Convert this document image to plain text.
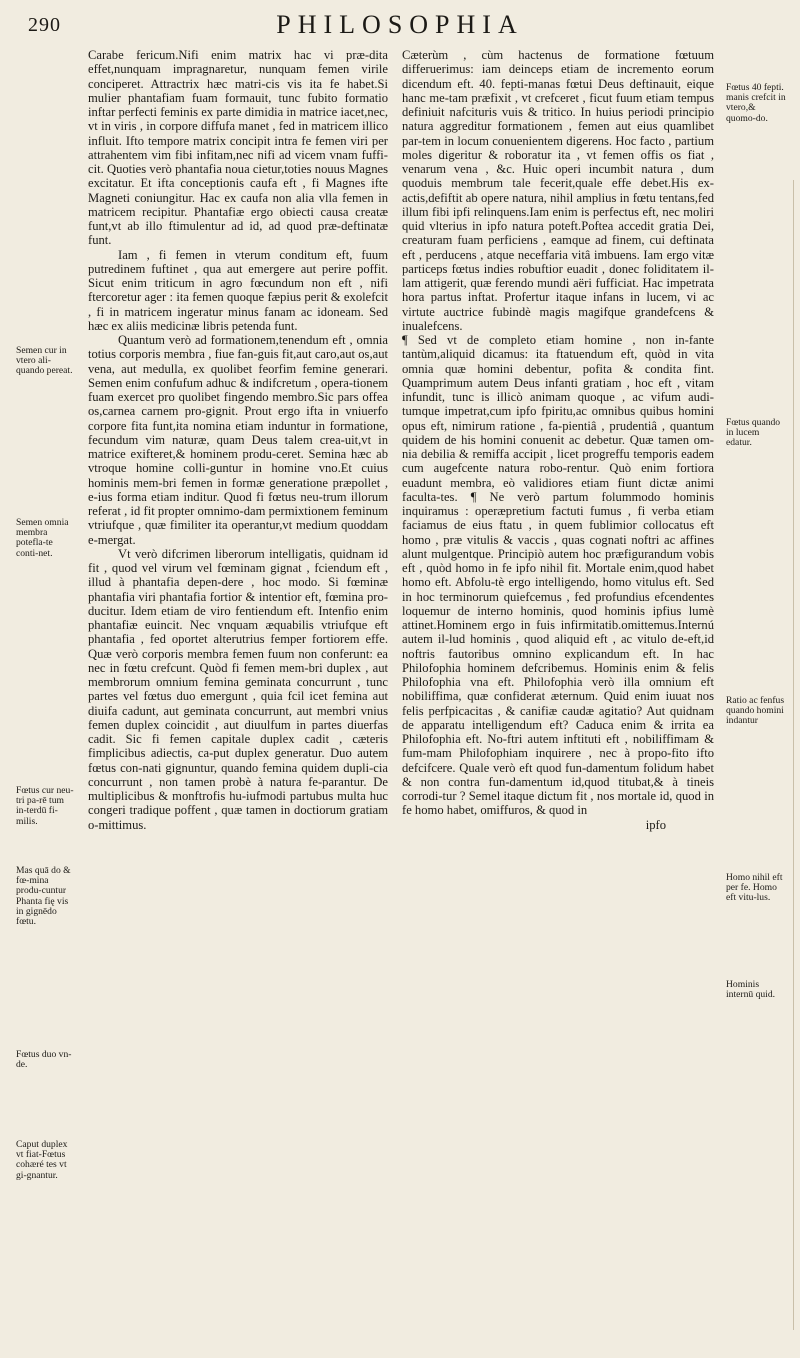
290	PHILOSOPHIA

Carabe fericum.Nifi enim matrix hac vi præ-dita effet,nunquam impragnaretur, nunquam femen virile conciperet. Attractrix hæc matri-cis vis ita fe habet.Si mulier phantafiam fuam formauit, tunc fubito formatio inftar perfecti feminis ex parte dimidia in matrice iacet,nec, vt in viris , in corpore diffufa manet , fed in matricem illico influit. Ifto tempore matrix concipit intra fe femen viri per attrahentem vim fibi infitam,nec nifi ad vicem vnam fuffi-cit. Quoties verò phantafia noua cietur,toties nouus Magnes excitatur. Et ifta conceptionis caufa eft , fi Magnes ifte Magneti coniungitur. Hac ex caufa non alia vlla femen in matricem recipitur. Phantafiæ ergo obiecti causa creatæ funt,vt ab illo ftimulentur ad id, ad quod præ-deftinatæ funt.

Iam , fi femen in vterum conditum eft, fuum putredinem fuftinet , qua aut emergere aut perire poffit. Sicut enim triticum in agro fœcundum non eft , nifi ftercoretur ager : ita femen quoque fæpius perit & exolefcit , fi in matricem ingeratur minus fanam ac idoneam. Sed hæc ex aliis medicinæ libris petenda funt.

Quantum verò ad formationem,tenendum eft , omnia totius corporis membra , fiue fan-guis fit,aut caro,aut os,aut vena, aut medulla, ex quolibet feorfim femine generari. Semen enim confufum adhuc & indifcretum , opera-tionem fuam exercet pro quolibet fingendo membro.Sic pars offea os,carnea carnem pro-gignit. Prout ergo ifta in vniuerfo corpore fita funt,ita nomina etiam induntur in formatione, fecundum vim naturæ, quam Deus talem crea-uit,vt in matrice exifteret,& hominem produ-ceret. Semina hæc ab vtroque homine colli-guntur in homine vno.Et cuius hominis mem-bri femen in formæ generatione præpollet , e-ius forma etiam inditur. Quod fi fœtus neu-trum illorum referat , id fit propter omnimo-dam permixtionem feminum vtriufque , quæ fimiliter ita operantur,vt medium quoddam e-mergat.

Vt verò difcrimen liberorum intelligatis, quidnam id fit , quod vel virum vel fœminam gignat , fciendum eft , illud à phantafia depen-dere , hoc modo. Si fœminæ phantafia viri phantafia fortior & intentior eft, fœmina pro-ducitur. Idem etiam de viro fentiendum eft. Intenfio enim phantafiæ euincit. Nec vnquam æquabilis vtriufque eft phantafia , fed oportet alterutrius femper fortiorem effe. Quæ verò corporis membra femen fuum non conferunt: ea nec in fœtu crefcunt. Quòd fi femen mem-bri duplex , aut membrorum omnium femina geminata concurrunt , tunc partes vel fœtus duo emergunt , quia fcil icet femina aut diuifa cadunt, aut geminata concurrunt, aut membri vnius femen duplex coincidit , aut diuulfum in partes diuerfas cadit. Sic fi femen capitale duplex cadit , cæteris fimplicibus adiectis, ca-put duplex generatur. Duo autem fœtus con-nati gignuntur, quando femina quidem dupli-cia concurrunt , non tamen probè à natura fe-parantur. De multiplicibus & monftrofis hu-iufmodi partubus multa huc congeri tradique poffent , quæ tamen in doctiorum gratiam o-mittimus.

Cæterùm , cùm hactenus de formatione fœtuum differuerimus: iam deinceps etiam de incremento eorum dicendum eft. 40. fepti-manas fœtui Deus deftinauit, eique hanc me-tam præfixit , vt crefceret , ficut fuum etiam tempus definiuit nafcituris vuis & tritico. In huius periodi principio natura aggreditur formationem , femen aut eius quamlibet par-tem in locum conuenientem digerens. Hoc facto , partium moles digeritur & roboratur ita , vt femen offis os fiat , venarum vena , &c. Huic operi incumbit natura , dum quoduis membrum tale fecerit,quale effe debet.His ex-actis,defiftit ab opere natura, nihil amplius in fœtu tentans,fed illum fibi ipfi relinquens.Iam enim is perfectus eft, nec moliri quid vlterius in ipfo natura poteft.Poftea accedit gratia Dei, creaturam fuam perficiens , eamque ad finem, cui deftinata eft , perducens , atque neceffaria vitâ imbuens. Iam ergo vitæ particeps fœtus indies robuftior euadit , donec foliditatem il-lam attigerit, quæ ferendo mundi aëri fufficiat. Hac impetrata hora partus inftat. Profertur itaque infans in lucem, vi ac virtute auctrice fubindè magis magifque grandefcens & inualefcens.

¶ Sed vt de completo etiam homine , non in-fante tantùm,aliquid dicamus: ita ftatuendum eft, quòd in vita omnia quæ homini debentur, pofita & condita fint. Quamprimum autem Deus infanti gratiam , hoc eft , vitam infundit, tunc is illicò animam quoque , ac vifum audi-tumque impetrat,cum ipfo fpiritu,ac omnibus quibus homini opus eft, nimirum ratione , fa-pientiâ , prudentiâ , quantum quidem de his homini conuenit ac debetur. Quæ tamen om-nia debilia & remiffa accipit , licet progreffu temporis eadem cum augefcente natura robo-rentur. Quò enim fortiora euadunt membra, eò validiores etiam fiunt dictæ animi faculta-tes. ¶ Ne verò partum folummodo hominis inquiramus : operæpretium factuti fumus , fi verba etiam faciamus de eius ftatu , in quem fublimior collocatus eft homo , præ vitulis & vaccis , quas cognati noftri ac affines alunt mulgentque. Principiò autem hoc præfigurandum vobis eft , quòd homo in fe ipfo nihil fit. Mortale enim,quod habet homo eft. Abfolu-tè ergo intelligendo, homo vitulus eft. Sed in hoc terminorum quiefcemus , fed profundius efcendentes loquemur de interno hominis, quod hominis ipfius lumè attinet.Hominem ergo in fuis infirmitatib.omittemus.Internú autem il-lud hominis , quod aliquid eft , ac vitulo de-eft,id noftris fautoribus omnino explicandum eft. In hac Philofophia hominem defcribemus. Hominis enim & felis Philofophia vna eft. Philofophia verò illa omnium eft nobiliffima, quæ confiderat æternum. Quid enim iuuat nos felis perfpicacitas , & canifiæ caudæ agitatio? Aut quidnam de apparatu intelligendum eft? Caduca enim & irrita ea Philofophia eft. No-ftri autem inftituti eft , nobiliffimam & fum-mam Philofophiam inquirere , nec à propo-fito ifto defcifcere. Quale verò eft quod fun-damentum folidum habet & non contra fun-damentum id,quod titubat,& à tineis corrodi-tur ? Semel itaque dictum fit , nos mortale id, quod in fe homo habet, omiffuros, & quod in

ipfo

Semen cur in vtero ali-quando pereat.
Semen omnia membra potefla-te conti-net.
Fœtus cur neu-tri pa-rē tum in-terdū fi-milis.
Mas quā do & fœ-mina produ-cuntur Phanta fię vis in gignēdo fœtu.
Fœtus duo vn-de.
Caput duplex vt fiat-Fœtus cohæré tes vt gi-gnantur.
Fœtus 40 fepti. manis crefcit in vtero,& quomo-do.
Fœtus quando in lucem edatur.
Ratio ac fenfus quando homini indantur
Homo nihil eft per fe. Homo eft vitu-lus.
Hominis internū quid.
